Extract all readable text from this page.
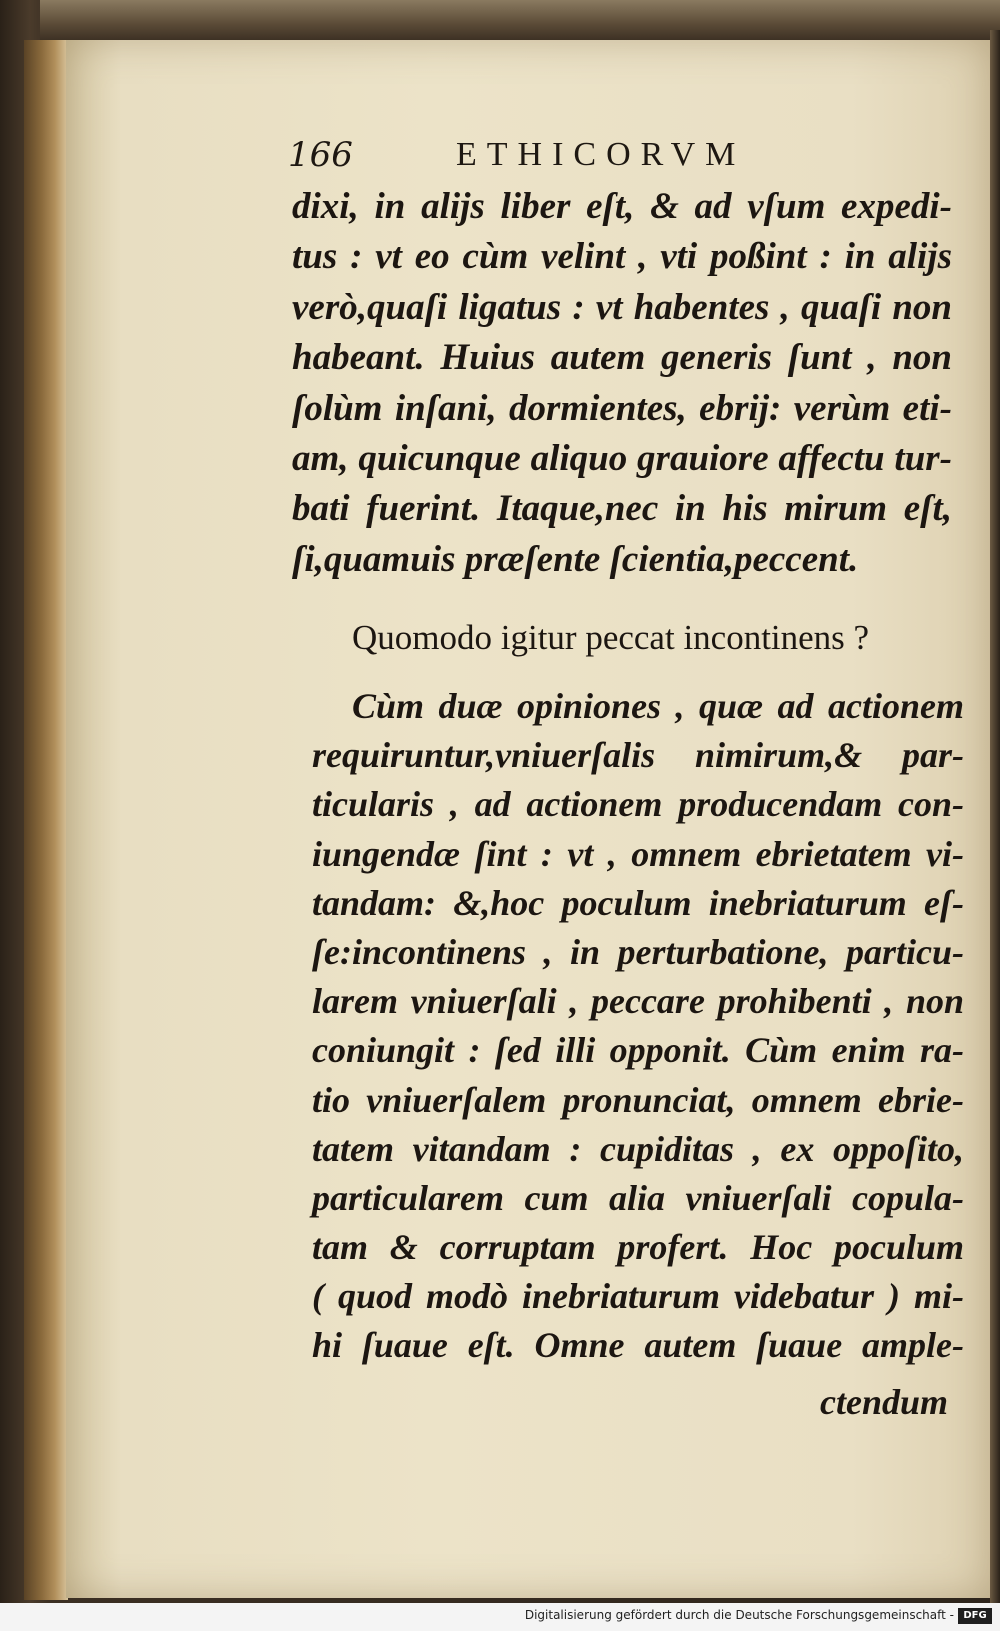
166	ETHICORVM
dixi, in alijs liber eſt, & ad vſum expedi-
tus : vt eo cùm velint , vti poßint : in alijs
verò,quaſi ligatus : vt habentes , quaſi non
habeant. Huius autem generis ſunt , non
ſolùm inſani, dormientes, ebrij: verùm eti-
am, quicunque aliquo grauiore affectu tur-
bati fuerint. Itaque,nec in his mirum eſt,
ſi,quamuis præſente ſcientia,peccent.
Quomodo igitur peccat incontinens ?
Cùm duæ opiniones , quæ ad actionem
requiruntur,vniuerſalis nimirum,& par-
ticularis , ad actionem producendam con-
iungendæ ſint : vt , omnem ebrietatem vi-
tandam: &,hoc poculum inebriaturum eſ-
ſe:incontinens , in perturbatione, particu-
larem vniuerſali , peccare prohibenti , non
coniungit : ſed illi opponit. Cùm enim ra-
tio vniuerſalem pronunciat, omnem ebrie-
tatem vitandam : cupiditas , ex oppoſito,
particularem cum alia vniuerſali copula-
tam & corruptam profert. Hoc poculum
( quod modò inebriaturum videbatur ) mi-
hi ſuaue eſt. Omne autem ſuaue ample-
ctendum
Digitalisierung gefördert durch die Deutsche Forschungsgemeinschaft - DFG
